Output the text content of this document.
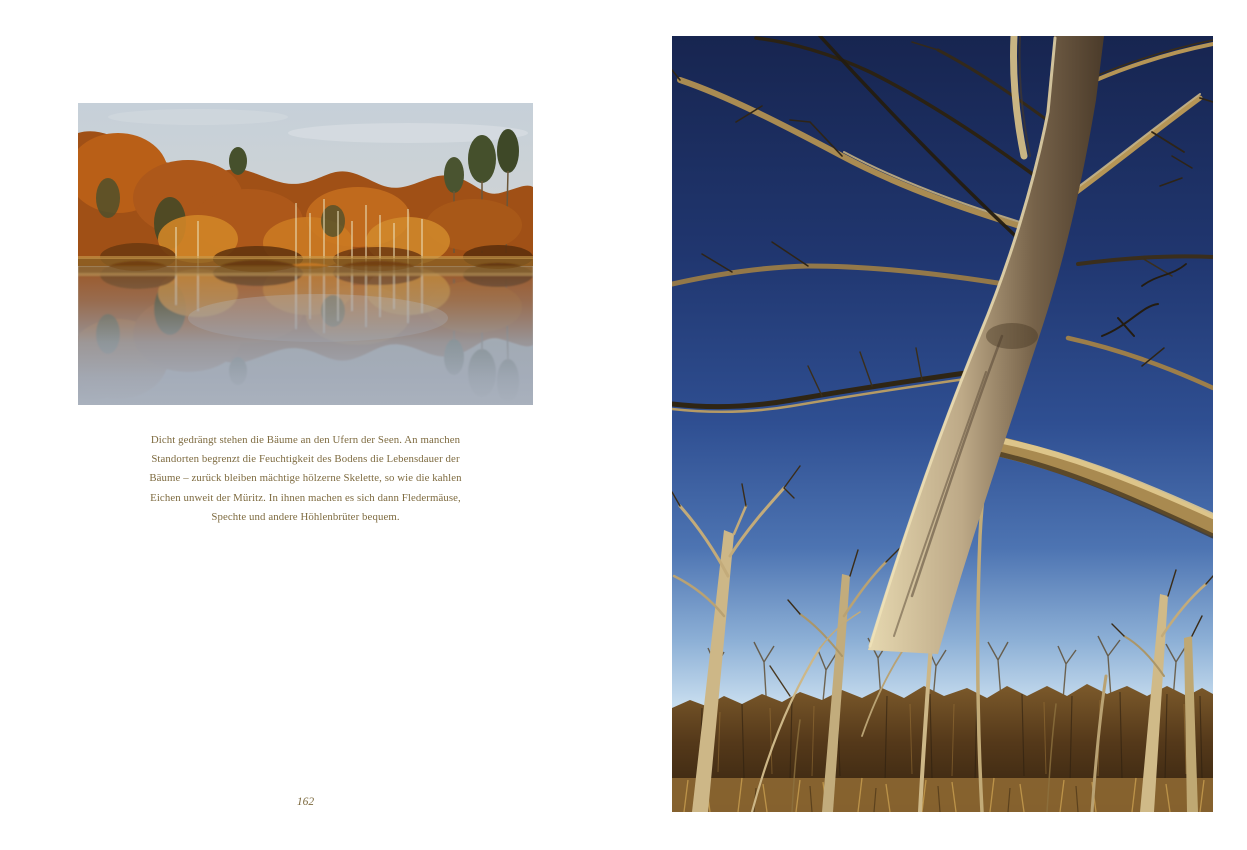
Dicht gedrängt stehen die Bäume an den Ufern der Seen. An manchen
Standorten begrenzt die Feuchtigkeit des Bodens die Lebensdauer der
Bäume – zurück bleiben mächtige hölzerne Skelette, so wie die kahlen
Eichen unweit der Müritz. In ihnen machen es sich dann Fledermäuse,
Spechte und andere Höhlenbrüter bequem.
162
